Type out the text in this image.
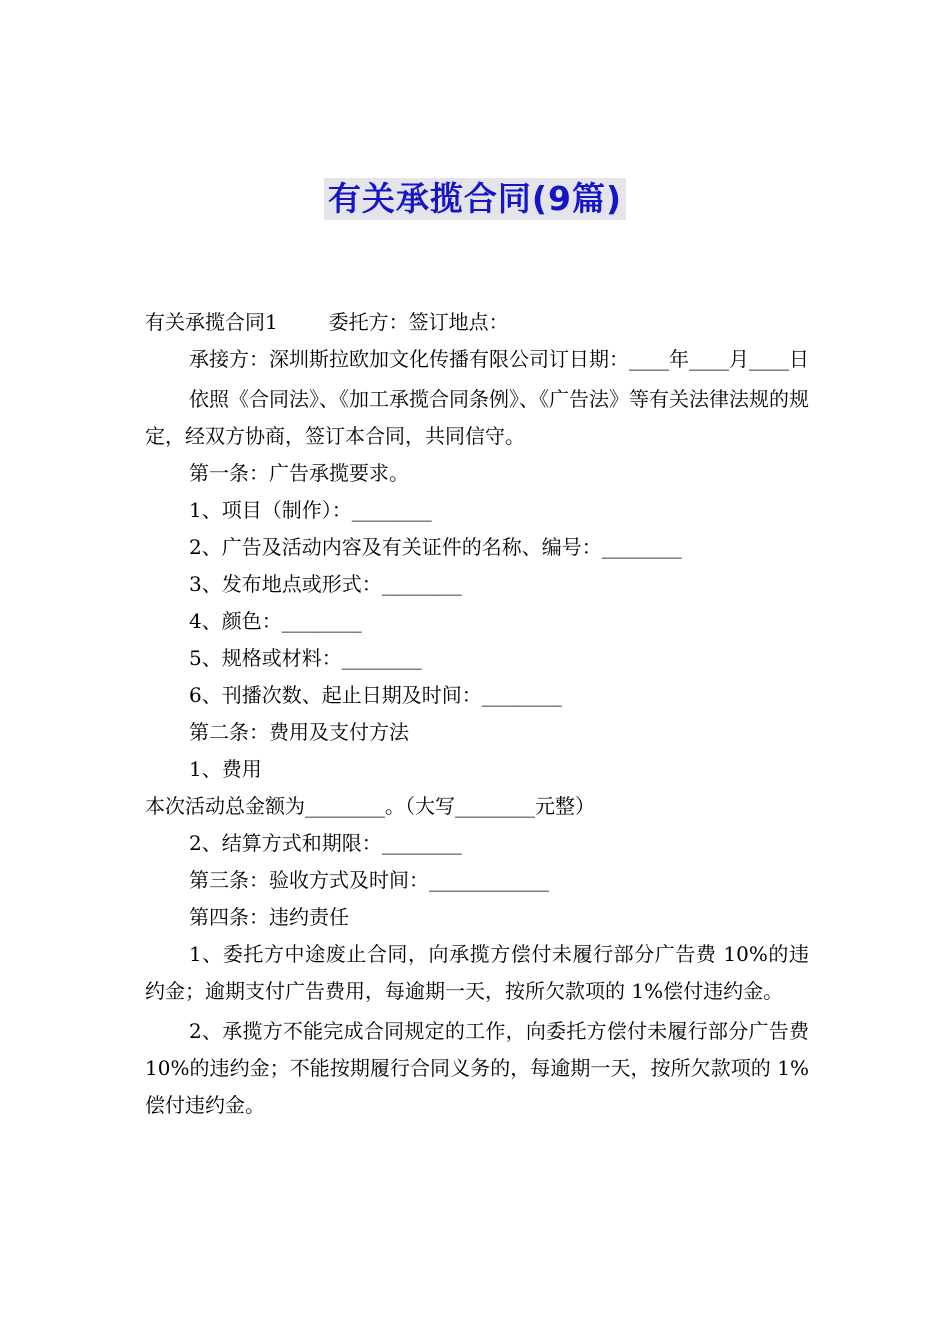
有关承揽合同(9篇)

有关承揽合同1        委托方：签订地点：

承接方：深圳斯拉欧加文化传播有限公司订日期：____年____月____日

依照《合同法》、《加工承揽合同条例》、《广告法》等有关法律法规的规定，经双方协商，签订本合同，共同信守。

第一条：广告承揽要求。

1、项目（制作）：________

2、广告及活动内容及有关证件的名称、编号：________

3、发布地点或形式：________

4、颜色：________

5、规格或材料：________

6、刊播次数、起止日期及时间：________

第二条：费用及支付方法

1、费用

本次活动总金额为________。（大写________元整）

2、结算方式和期限：________

第三条：验收方式及时间：____________

第四条：违约责任

1、委托方中途废止合同，向承揽方偿付未履行部分广告费 10%的违约金；逾期支付广告费用，每逾期一天，按所欠款项的 1%偿付违约金。

2、承揽方不能完成合同规定的工作，向委托方偿付未履行部分广告费 10%的违约金；不能按期履行合同义务的，每逾期一天，按所欠款项的 1%偿付违约金。
